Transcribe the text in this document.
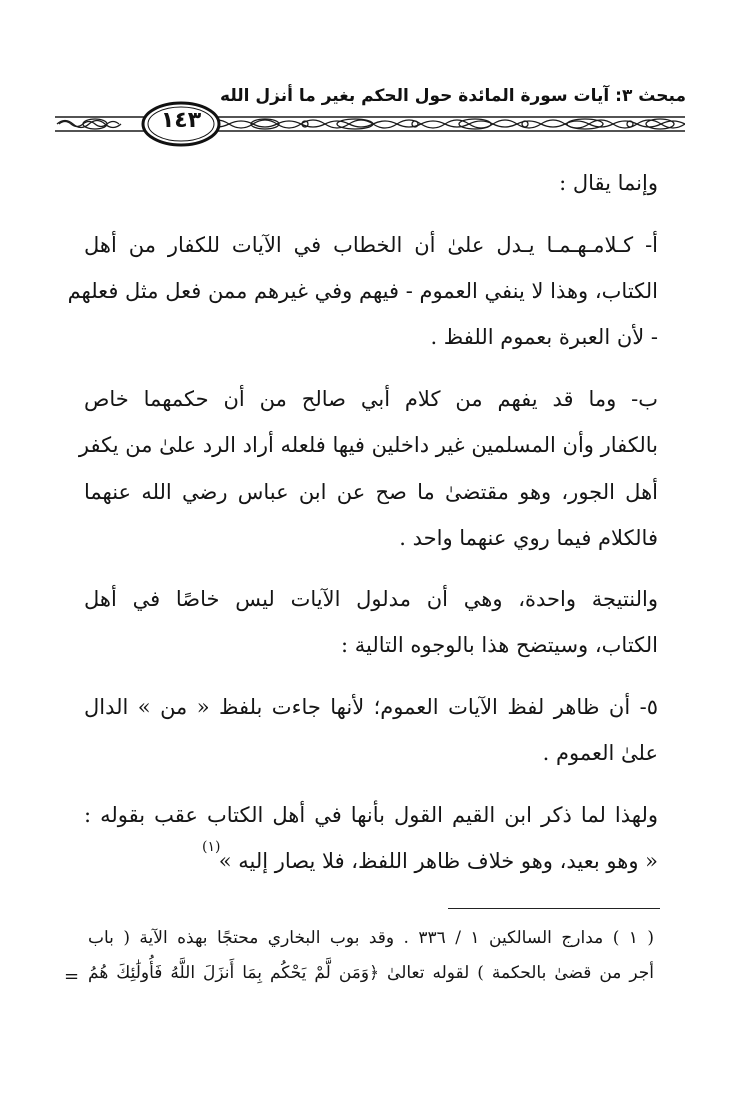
مبحث ٣: آيات سورة المائدة حول الحكم بغير ما أنزل الله
١٤٣
وإنما يقال :
أ- كـلامـهـمـا يـدل علىٰ أن الخطاب في الآيات للكفار من أهل
الكتاب، وهذا لا ينفي العموم - فيهم وفي غيرهم ممن فعل مثل فعلهم
- لأن العبرة بعموم اللفظ .
ب- وما قد يفهم من كلام أبي صالح من أن حكمهما خاص
بالكفار وأن المسلمين غير داخلين فيها فلعله أراد الرد علىٰ من يكفر
أهل الجور، وهو مقتضىٰ ما صح عن ابن عباس رضي الله عنهما
فالكلام فيما روي عنهما واحد .
والنتيجة واحدة، وهي أن مدلول الآيات ليس خاصًا في أهل
الكتاب، وسيتضح هذا بالوجوه التالية :
٥- أن ظاهر لفظ الآيات العموم؛ لأنها جاءت بلفظ « من » الدال
علىٰ العموم .
ولهذا لما ذكر ابن القيم القول بأنها في أهل الكتاب عقب بقوله :
« وهو بعيد، وهو خلاف ظاهر اللفظ، فلا يصار إليه »
(١)
( ١ ) مدارج السالكين ١ / ٣٣٦ . وقد بوب البخاري محتجًا بهذه الآية ( باب
أجر من قضىٰ بالحكمة ) لقوله تعالىٰ ﴿وَمَن لَّمْ يَحْكُم بِمَا أَنزَلَ اللَّهُ فَأُولَٰئِكَ هُمُ
=
